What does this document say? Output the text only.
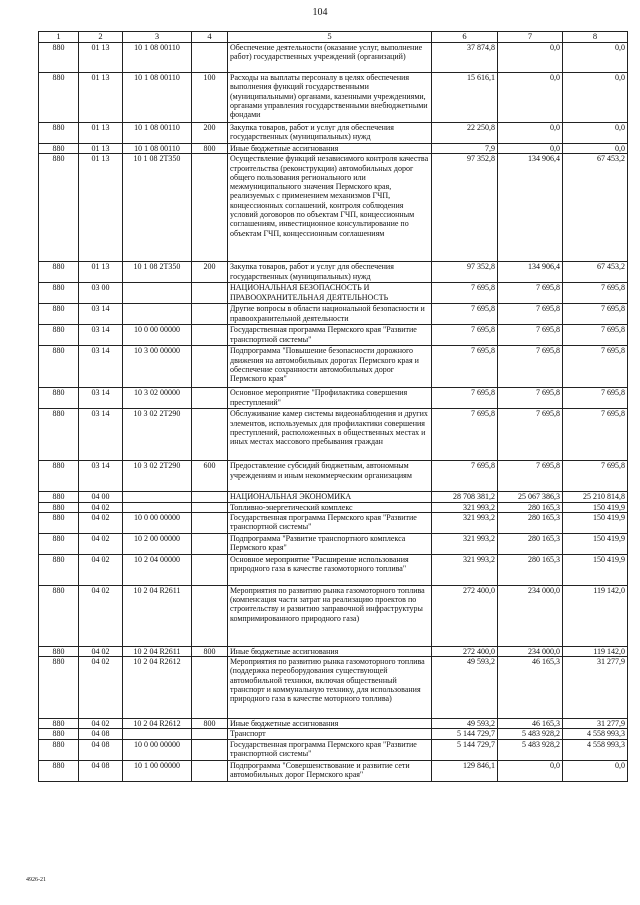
104
1	2	3	4	5	6	7	8
880	01 13	10 1 08 00110		Обеспечение деятельности (оказание услуг, выполнение работ) государственных учреждений (организаций)	37 874,8	0,0	0,0
880	01 13	10 1 08 00110	100	Расходы на выплаты персоналу в целях обеспечения выполнения функций государственными (муниципальными) органами, казенными учреждениями, органами управления государственными внебюджетными фондами	15 616,1	0,0	0,0
880	01 13	10 1 08 00110	200	Закупка товаров, работ и услуг для обеспечения государственных (муниципальных) нужд	22 250,8	0,0	0,0
880	01 13	10 1 08 00110	800	Иные бюджетные ассигнования	7,9	0,0	0,0
880	01 13	10 1 08 2Т350		Осуществление функций независимого контроля качества строительства (реконструкции) автомобильных дорог общего пользования регионального или межмуниципального значения Пермского края, реализуемых с применением механизмов ГЧП, концессионных соглашений, контроля соблюдения условий договоров по объектам ГЧП, концессионным соглашениям, инвестиционное консультирование по объектам ГЧП, концессионным соглашениям	97 352,8	134 906,4	67 453,2
880	01 13	10 1 08 2Т350	200	Закупка товаров, работ и услуг для обеспечения государственных (муниципальных) нужд	97 352,8	134 906,4	67 453,2
880	03 00			НАЦИОНАЛЬНАЯ БЕЗОПАСНОСТЬ И ПРАВООХРАНИТЕЛЬНАЯ ДЕЯТЕЛЬНОСТЬ	7 695,8	7 695,8	7 695,8
880	03 14			Другие вопросы в области национальной безопасности и правоохранительной деятельности	7 695,8	7 695,8	7 695,8
880	03 14	10 0 00 00000		Государственная программа Пермского края "Развитие транспортной системы"	7 695,8	7 695,8	7 695,8
880	03 14	10 3 00 00000		Подпрограмма "Повышение безопасности дорожного движения на автомобильных дорогах Пермского края и обеспечение сохранности автомобильных дорог Пермского края"	7 695,8	7 695,8	7 695,8
880	03 14	10 3 02 00000		Основное мероприятие "Профилактика совершения преступлений"	7 695,8	7 695,8	7 695,8
880	03 14	10 3 02 2Т290		Обслуживание камер системы видеонаблюдения и других элементов, используемых для профилактики совершения преступлений, расположенных в общественных местах и иных местах массового пребывания граждан	7 695,8	7 695,8	7 695,8
880	03 14	10 3 02 2Т290	600	Предоставление субсидий бюджетным, автономным учреждениям и иным некоммерческим организациям	7 695,8	7 695,8	7 695,8
880	04 00			НАЦИОНАЛЬНАЯ ЭКОНОМИКА	28 708 381,2	25 067 386,3	25 210 814,8
880	04 02			Топливно-энергетический комплекс	321 993,2	280 165,3	150 419,9
880	04 02	10 0 00 00000		Государственная программа Пермского края "Развитие транспортной системы"	321 993,2	280 165,3	150 419,9
880	04 02	10 2 00 00000		Подпрограмма "Развитие транспортного комплекса Пермского края"	321 993,2	280 165,3	150 419,9
880	04 02	10 2 04 00000		Основное мероприятие "Расширение использования природного газа в качестве газомоторного топлива"	321 993,2	280 165,3	150 419,9
880	04 02	10 2 04 R2611		Мероприятия по развитию рынка газомоторного топлива (компенсация части затрат на реализацию проектов по строительству и развитию заправочной инфраструктуры компримированного природного газа)	272 400,0	234 000,0	119 142,0
880	04 02	10 2 04 R2611	800	Иные бюджетные ассигнования	272 400,0	234 000,0	119 142,0
880	04 02	10 2 04 R2612		Мероприятия по развитию рынка газомоторного топлива (поддержка переоборудования существующей автомобильной техники, включая общественный транспорт и коммунальную технику, для использования природного газа в качестве моторного топлива)	49 593,2	46 165,3	31 277,9
880	04 02	10 2 04 R2612	800	Иные бюджетные ассигнования	49 593,2	46 165,3	31 277,9
880	04 08			Транспорт	5 144 729,7	5 483 928,2	4 558 993,3
880	04 08	10 0 00 00000		Государственная программа Пермского края "Развитие транспортной системы"	5 144 729,7	5 483 928,2	4 558 993,3
880	04 08	10 1 00 00000		Подпрограмма "Совершенствование и развитие сети автомобильных дорог Пермского края"	129 846,1	0,0	0,0
4926-21
